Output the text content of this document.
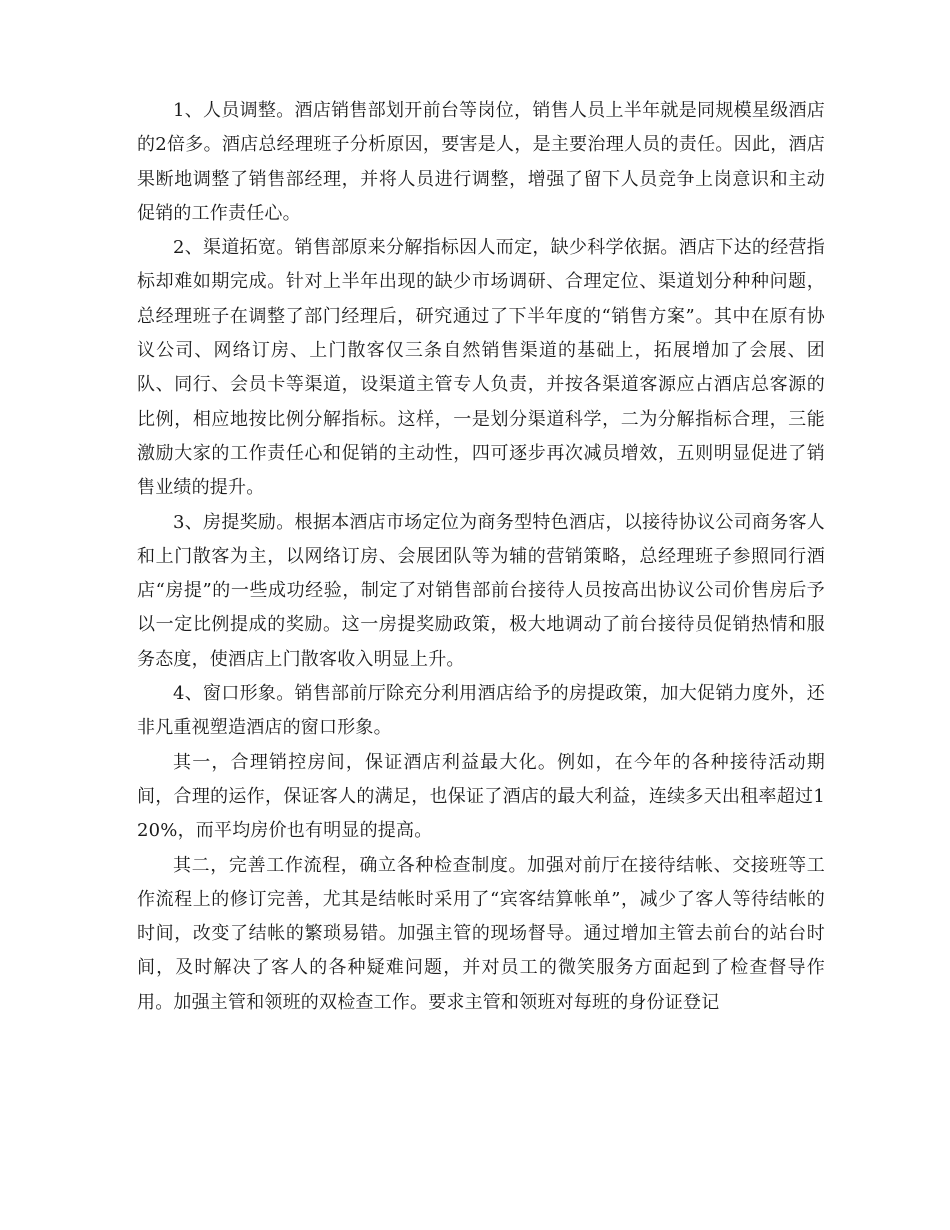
1、人员调整。酒店销售部划开前台等岗位，销售人员上半年就是同规模星级酒店的2倍多。酒店总经理班子分析原因，要害是人，是主要治理人员的责任。因此，酒店果断地调整了销售部经理，并将人员进行调整，增强了留下人员竞争上岗意识和主动促销的工作责任心。

2、渠道拓宽。销售部原来分解指标因人而定，缺少科学依据。酒店下达的经营指标却难如期完成。针对上半年出现的缺少市场调研、合理定位、渠道划分种种问题，总经理班子在调整了部门经理后，研究通过了下半年度的“销售方案”。其中在原有协议公司、网络订房、上门散客仅三条自然销售渠道的基础上，拓展增加了会展、团队、同行、会员卡等渠道，设渠道主管专人负责，并按各渠道客源应占酒店总客源的比例，相应地按比例分解指标。这样，一是划分渠道科学，二为分解指标合理，三能激励大家的工作责任心和促销的主动性，四可逐步再次减员增效，五则明显促进了销售业绩的提升。

3、房提奖励。根据本酒店市场定位为商务型特色酒店，以接待协议公司商务客人和上门散客为主，以网络订房、会展团队等为辅的营销策略，总经理班子参照同行酒店“房提”的一些成功经验，制定了对销售部前台接待人员按高出协议公司价售房后予以一定比例提成的奖励。这一房提奖励政策，极大地调动了前台接待员促销热情和服务态度，使酒店上门散客收入明显上升。

4、窗口形象。销售部前厅除充分利用酒店给予的房提政策，加大促销力度外，还非凡重视塑造酒店的窗口形象。

其一，合理销控房间，保证酒店利益最大化。例如，在今年的各种接待活动期间，合理的运作，保证客人的满足，也保证了酒店的最大利益，连续多天出租率超过120%，而平均房价也有明显的提高。

其二，完善工作流程，确立各种检查制度。加强对前厅在接待结帐、交接班等工作流程上的修订完善，尤其是结帐时采用了“宾客结算帐单”，减少了客人等待结帐的时间，改变了结帐的繁琐易错。加强主管的现场督导。通过增加主管去前台的站台时间，及时解决了客人的各种疑难问题，并对员工的微笑服务方面起到了检查督导作用。加强主管和领班的双检查工作。要求主管和领班对每班的身份证登记
